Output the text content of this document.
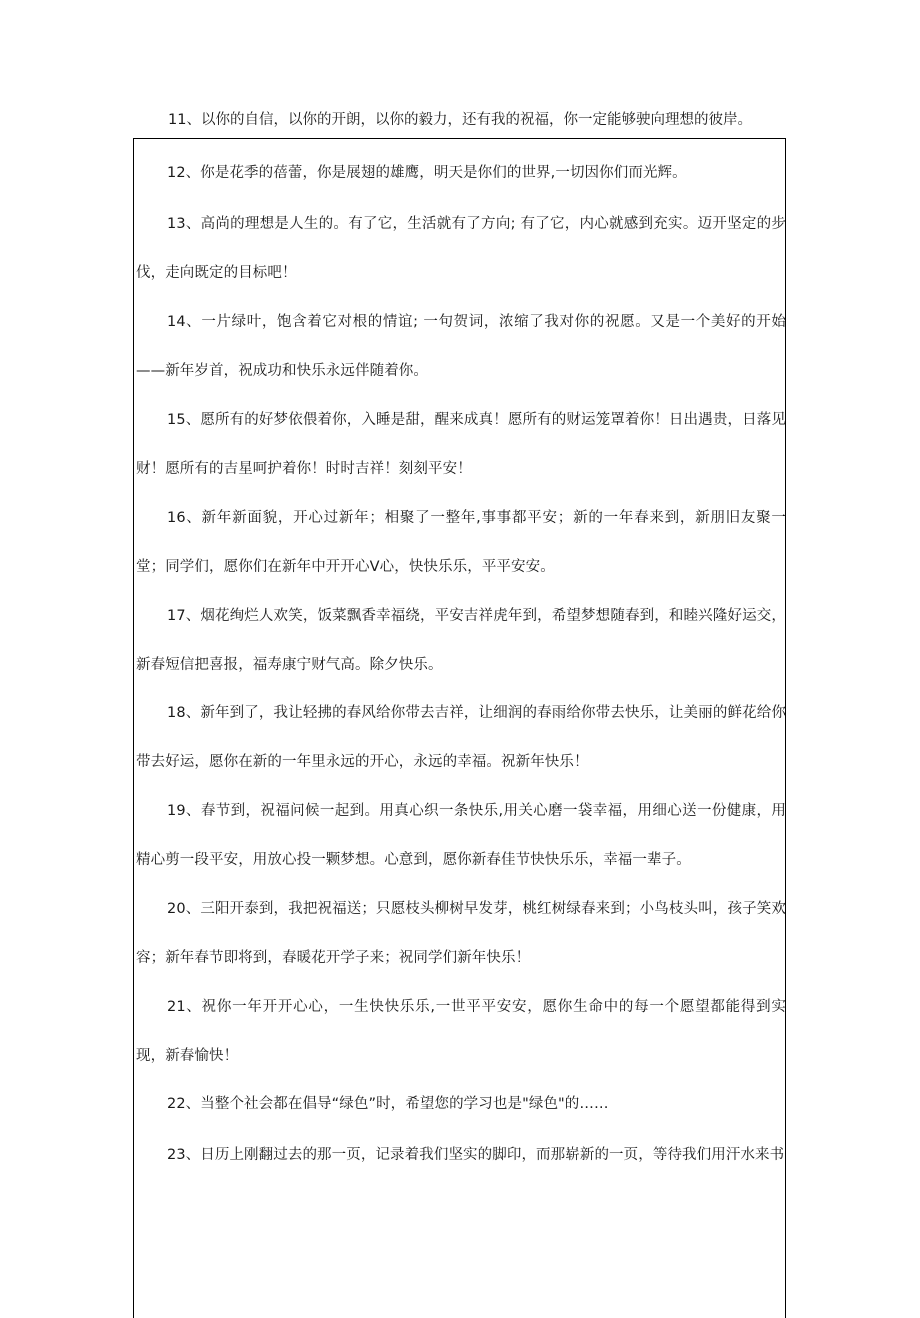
11、以你的自信，以你的开朗，以你的毅力，还有我的祝福，你一定能够驶向理想的彼岸。
12、你是花季的蓓蕾，你是展翅的雄鹰，明天是你们的世界,一切因你们而光辉。
13、高尚的理想是人生的。有了它，生活就有了方向; 有了它，内心就感到充实。迈开坚定的步伐，走向既定的目标吧！
14、一片绿叶，饱含着它对根的情谊; 一句贺词，浓缩了我对你的祝愿。又是一个美好的开始——新年岁首，祝成功和快乐永远伴随着你。
15、愿所有的好梦依偎着你，入睡是甜，醒来成真！愿所有的财运笼罩着你！日出遇贵，日落见财！愿所有的吉星呵护着你！时时吉祥！刻刻平安！
16、新年新面貌，开心过新年；相聚了一整年,事事都平安；新的一年春来到，新朋旧友聚一堂；同学们，愿你们在新年中开开心V心，快快乐乐，平平安安。
17、烟花绚烂人欢笑，饭菜飘香幸福绕，平安吉祥虎年到，希望梦想随春到，和睦兴隆好运交，新春短信把喜报，福寿康宁财气高。除夕快乐。
18、新年到了，我让轻拂的春风给你带去吉祥，让细润的春雨给你带去快乐，让美丽的鲜花给你带去好运，愿你在新的一年里永远的开心，永远的幸福。祝新年快乐！
19、春节到，祝福问候一起到。用真心织一条快乐,用关心磨一袋幸福，用细心送一份健康，用精心剪一段平安，用放心投一颗梦想。心意到，愿你新春佳节快快乐乐，幸福一辈子。
20、三阳开泰到，我把祝福送；只愿枝头柳树早发芽，桃红树绿春来到；小鸟枝头叫，孩子笑欢容；新年春节即将到，春暖花开学子来；祝同学们新年快乐！
21、祝你一年开开心心，一生快快乐乐,一世平平安安，愿你生命中的每一个愿望都能得到实现，新春愉快！
22、当整个社会都在倡导“绿色”时，希望您的学习也是"绿色"的……
23、日历上刚翻过去的那一页，记录着我们坚实的脚印，而那崭新的一页，等待我们用汗水来书
